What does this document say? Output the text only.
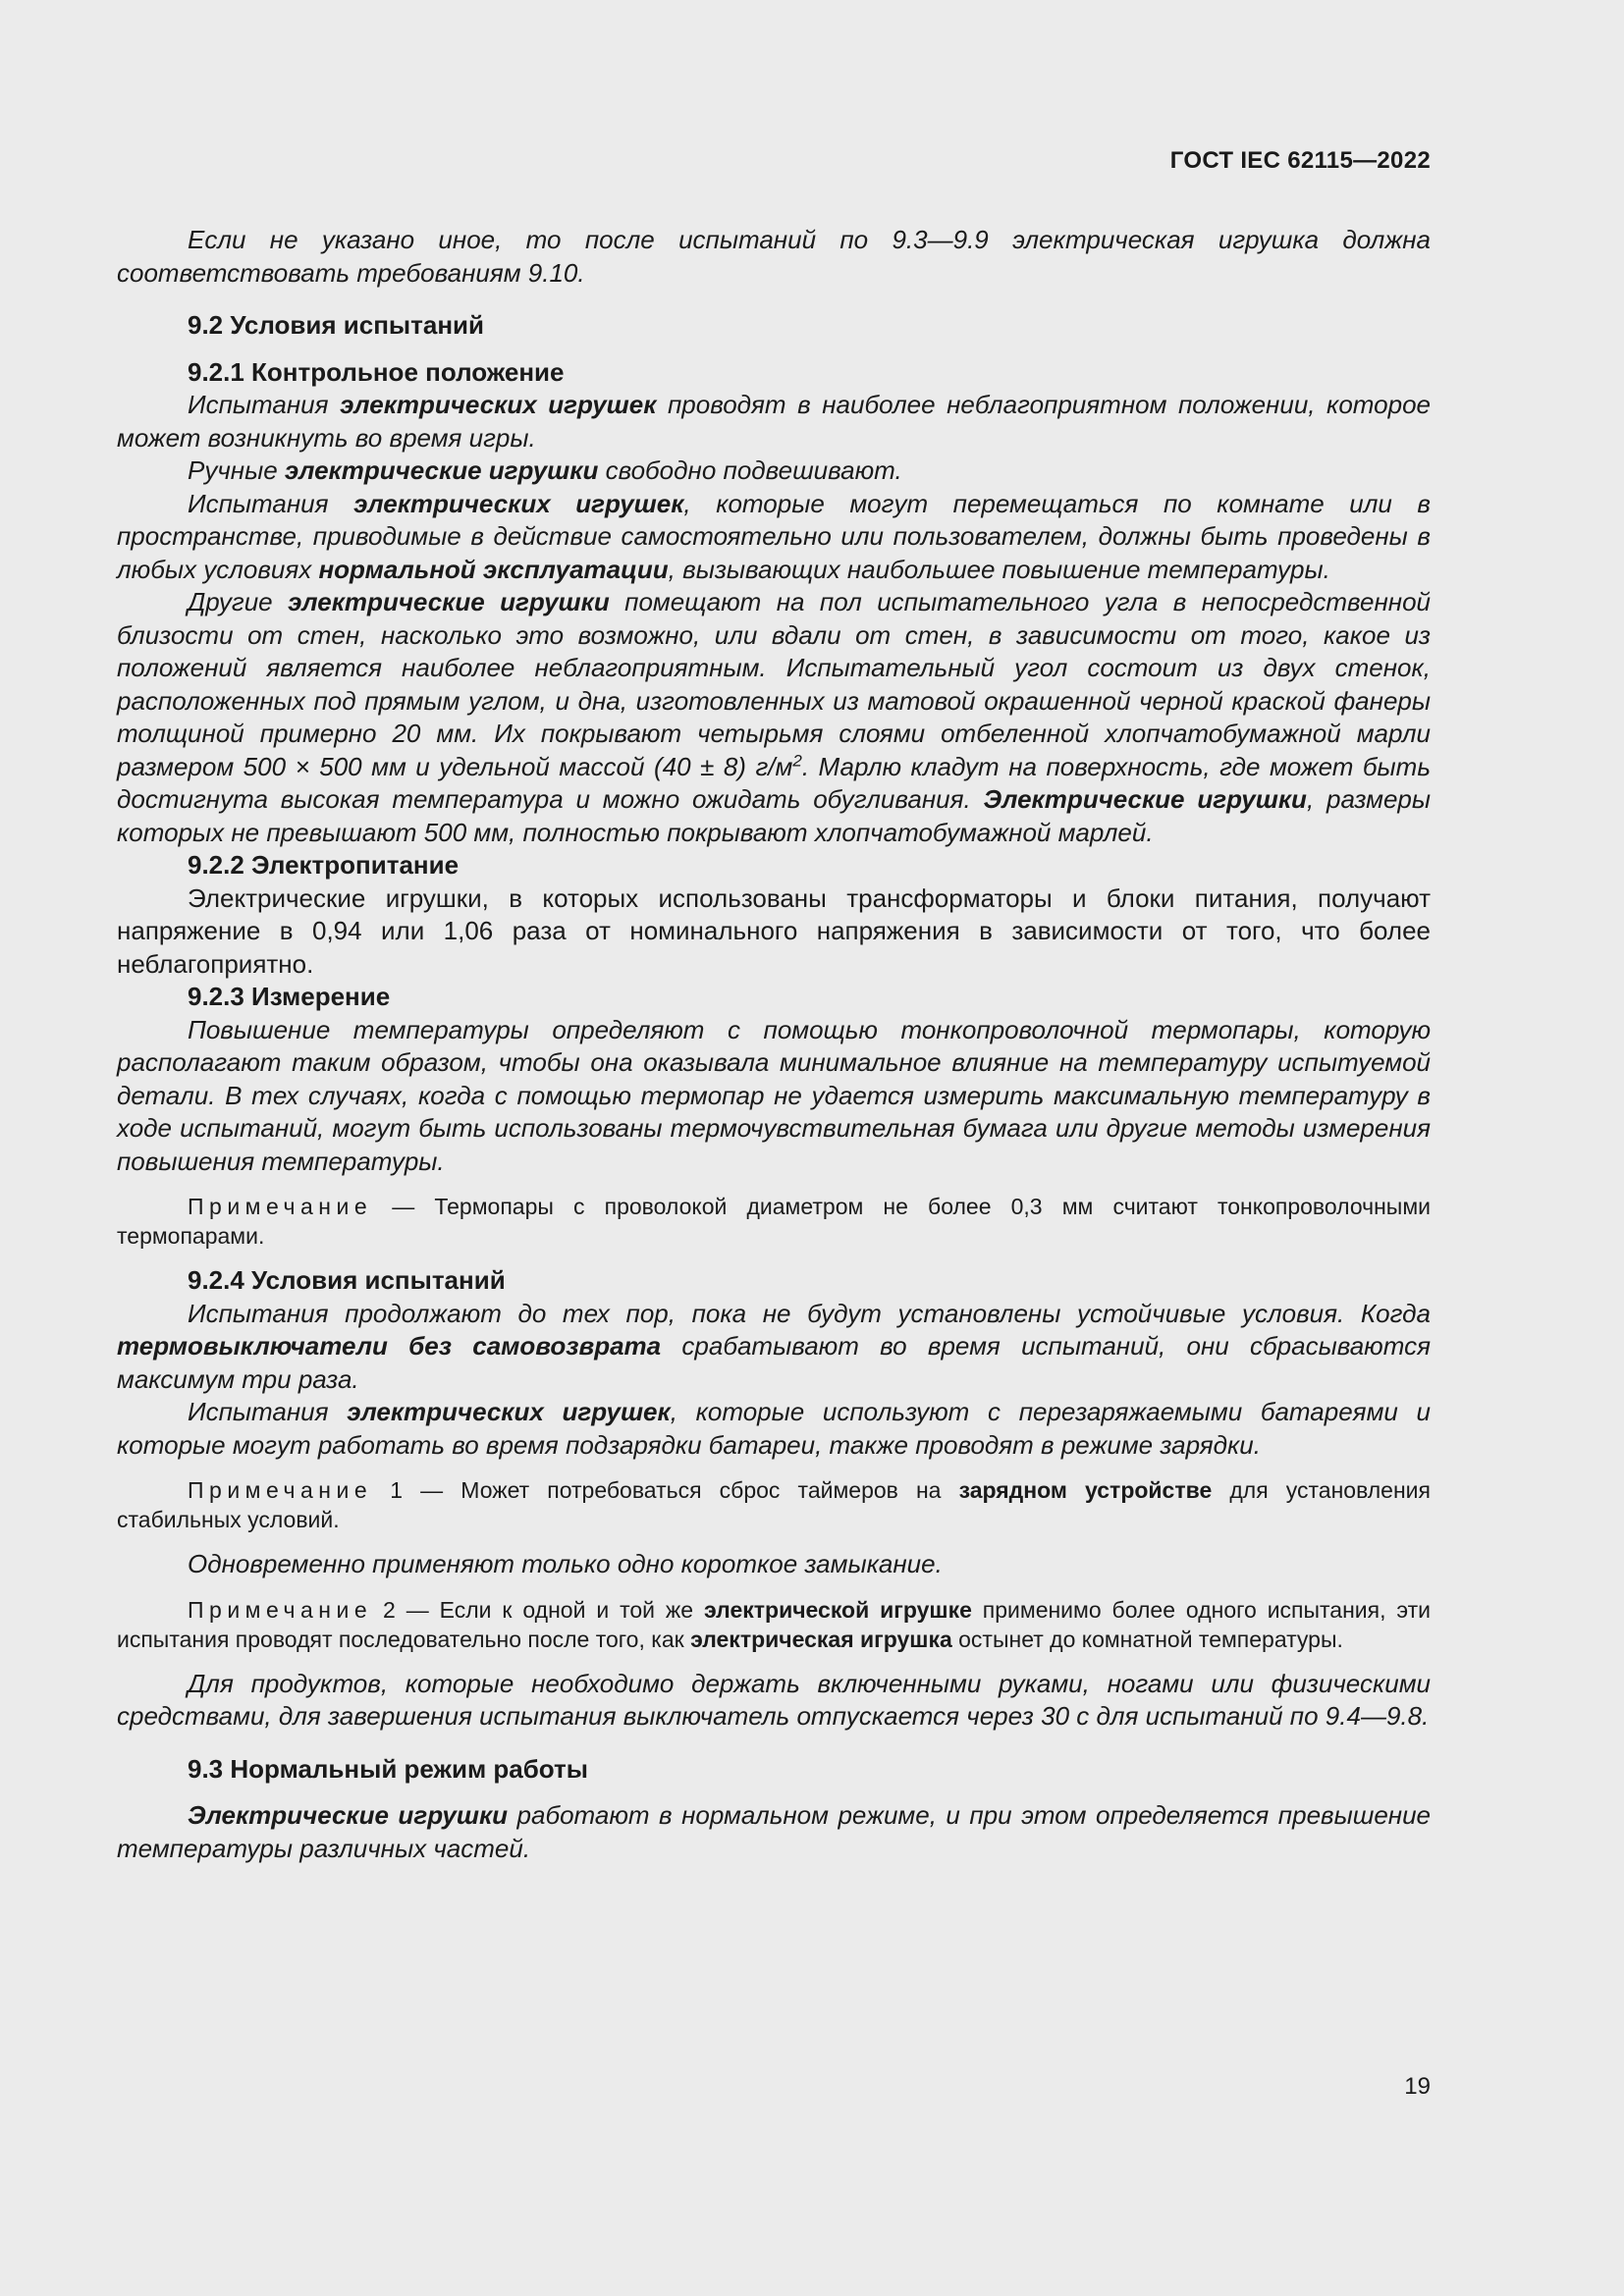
ГОСТ IEC 62115—2022

Если не указано иное, то после испытаний по 9.3—9.9 электрическая игрушка должна соответствовать требованиям 9.10.

9.2 Условия испытаний
9.2.1 Контрольное положение

Испытания электрических игрушек проводят в наиболее неблагоприятном положении, которое может возникнуть во время игры.

Ручные электрические игрушки свободно подвешивают.

Испытания электрических игрушек, которые могут перемещаться по комнате или в пространстве, приводимые в действие самостоятельно или пользователем, должны быть проведены в любых условиях нормальной эксплуатации, вызывающих наибольшее повышение температуры.

Другие электрические игрушки помещают на пол испытательного угла в непосредственной близости от стен, насколько это возможно, или вдали от стен, в зависимости от того, какое из положений является наиболее неблагоприятным. Испытательный угол состоит из двух стенок, расположенных под прямым углом, и дна, изготовленных из матовой окрашенной черной краской фанеры толщиной примерно 20 мм. Их покрывают четырьмя слоями отбеленной хлопчатобумажной марли размером 500 × 500 мм и удельной массой (40 ± 8) $г/м^2$. Марлю кладут на поверхность, где может быть достигнута высокая температура и можно ожидать обугливания. Электрические игрушки, размеры которых не превышают 500 мм, полностью покрывают хлопчатобумажной марлей.

9.2.2 Электропитание

Электрические игрушки, в которых использованы трансформаторы и блоки питания, получают напряжение в 0,94 или 1,06 раза от номинального напряжения в зависимости от того, что более неблагоприятно.

9.2.3 Измерение

Повышение температуры определяют с помощью тонкопроволочной термопары, которую располагают таким образом, чтобы она оказывала минимальное влияние на температуру испытуемой детали. В тех случаях, когда с помощью термопар не удается измерить максимальную температуру в ходе испытаний, могут быть использованы термочувствительная бумага или другие методы измерения повышения температуры.

Примечание — Термопары с проволокой диаметром не более 0,3 мм считают тонкопроволочными термопарами.

9.2.4 Условия испытаний

Испытания продолжают до тех пор, пока не будут установлены устойчивые условия. Когда термовыключатели без самовозврата срабатывают во время испытаний, они сбрасываются максимум три раза.

Испытания электрических игрушек, которые используют с перезаряжаемыми батареями и которые могут работать во время подзарядки батареи, также проводят в режиме зарядки.

Примечание 1 — Может потребоваться сброс таймеров на зарядном устройстве для установления стабильных условий.

Одновременно применяют только одно короткое замыкание.

Примечание 2 — Если к одной и той же электрической игрушке применимо более одного испытания, эти испытания проводят последовательно после того, как электрическая игрушка остынет до комнатной температуры.

Для продуктов, которые необходимо держать включенными руками, ногами или физическими средствами, для завершения испытания выключатель отпускается через 30 с для испытаний по 9.4—9.8.

9.3 Нормальный режим работы

Электрические игрушки работают в нормальном режиме, и при этом определяется превышение температуры различных частей.

19
